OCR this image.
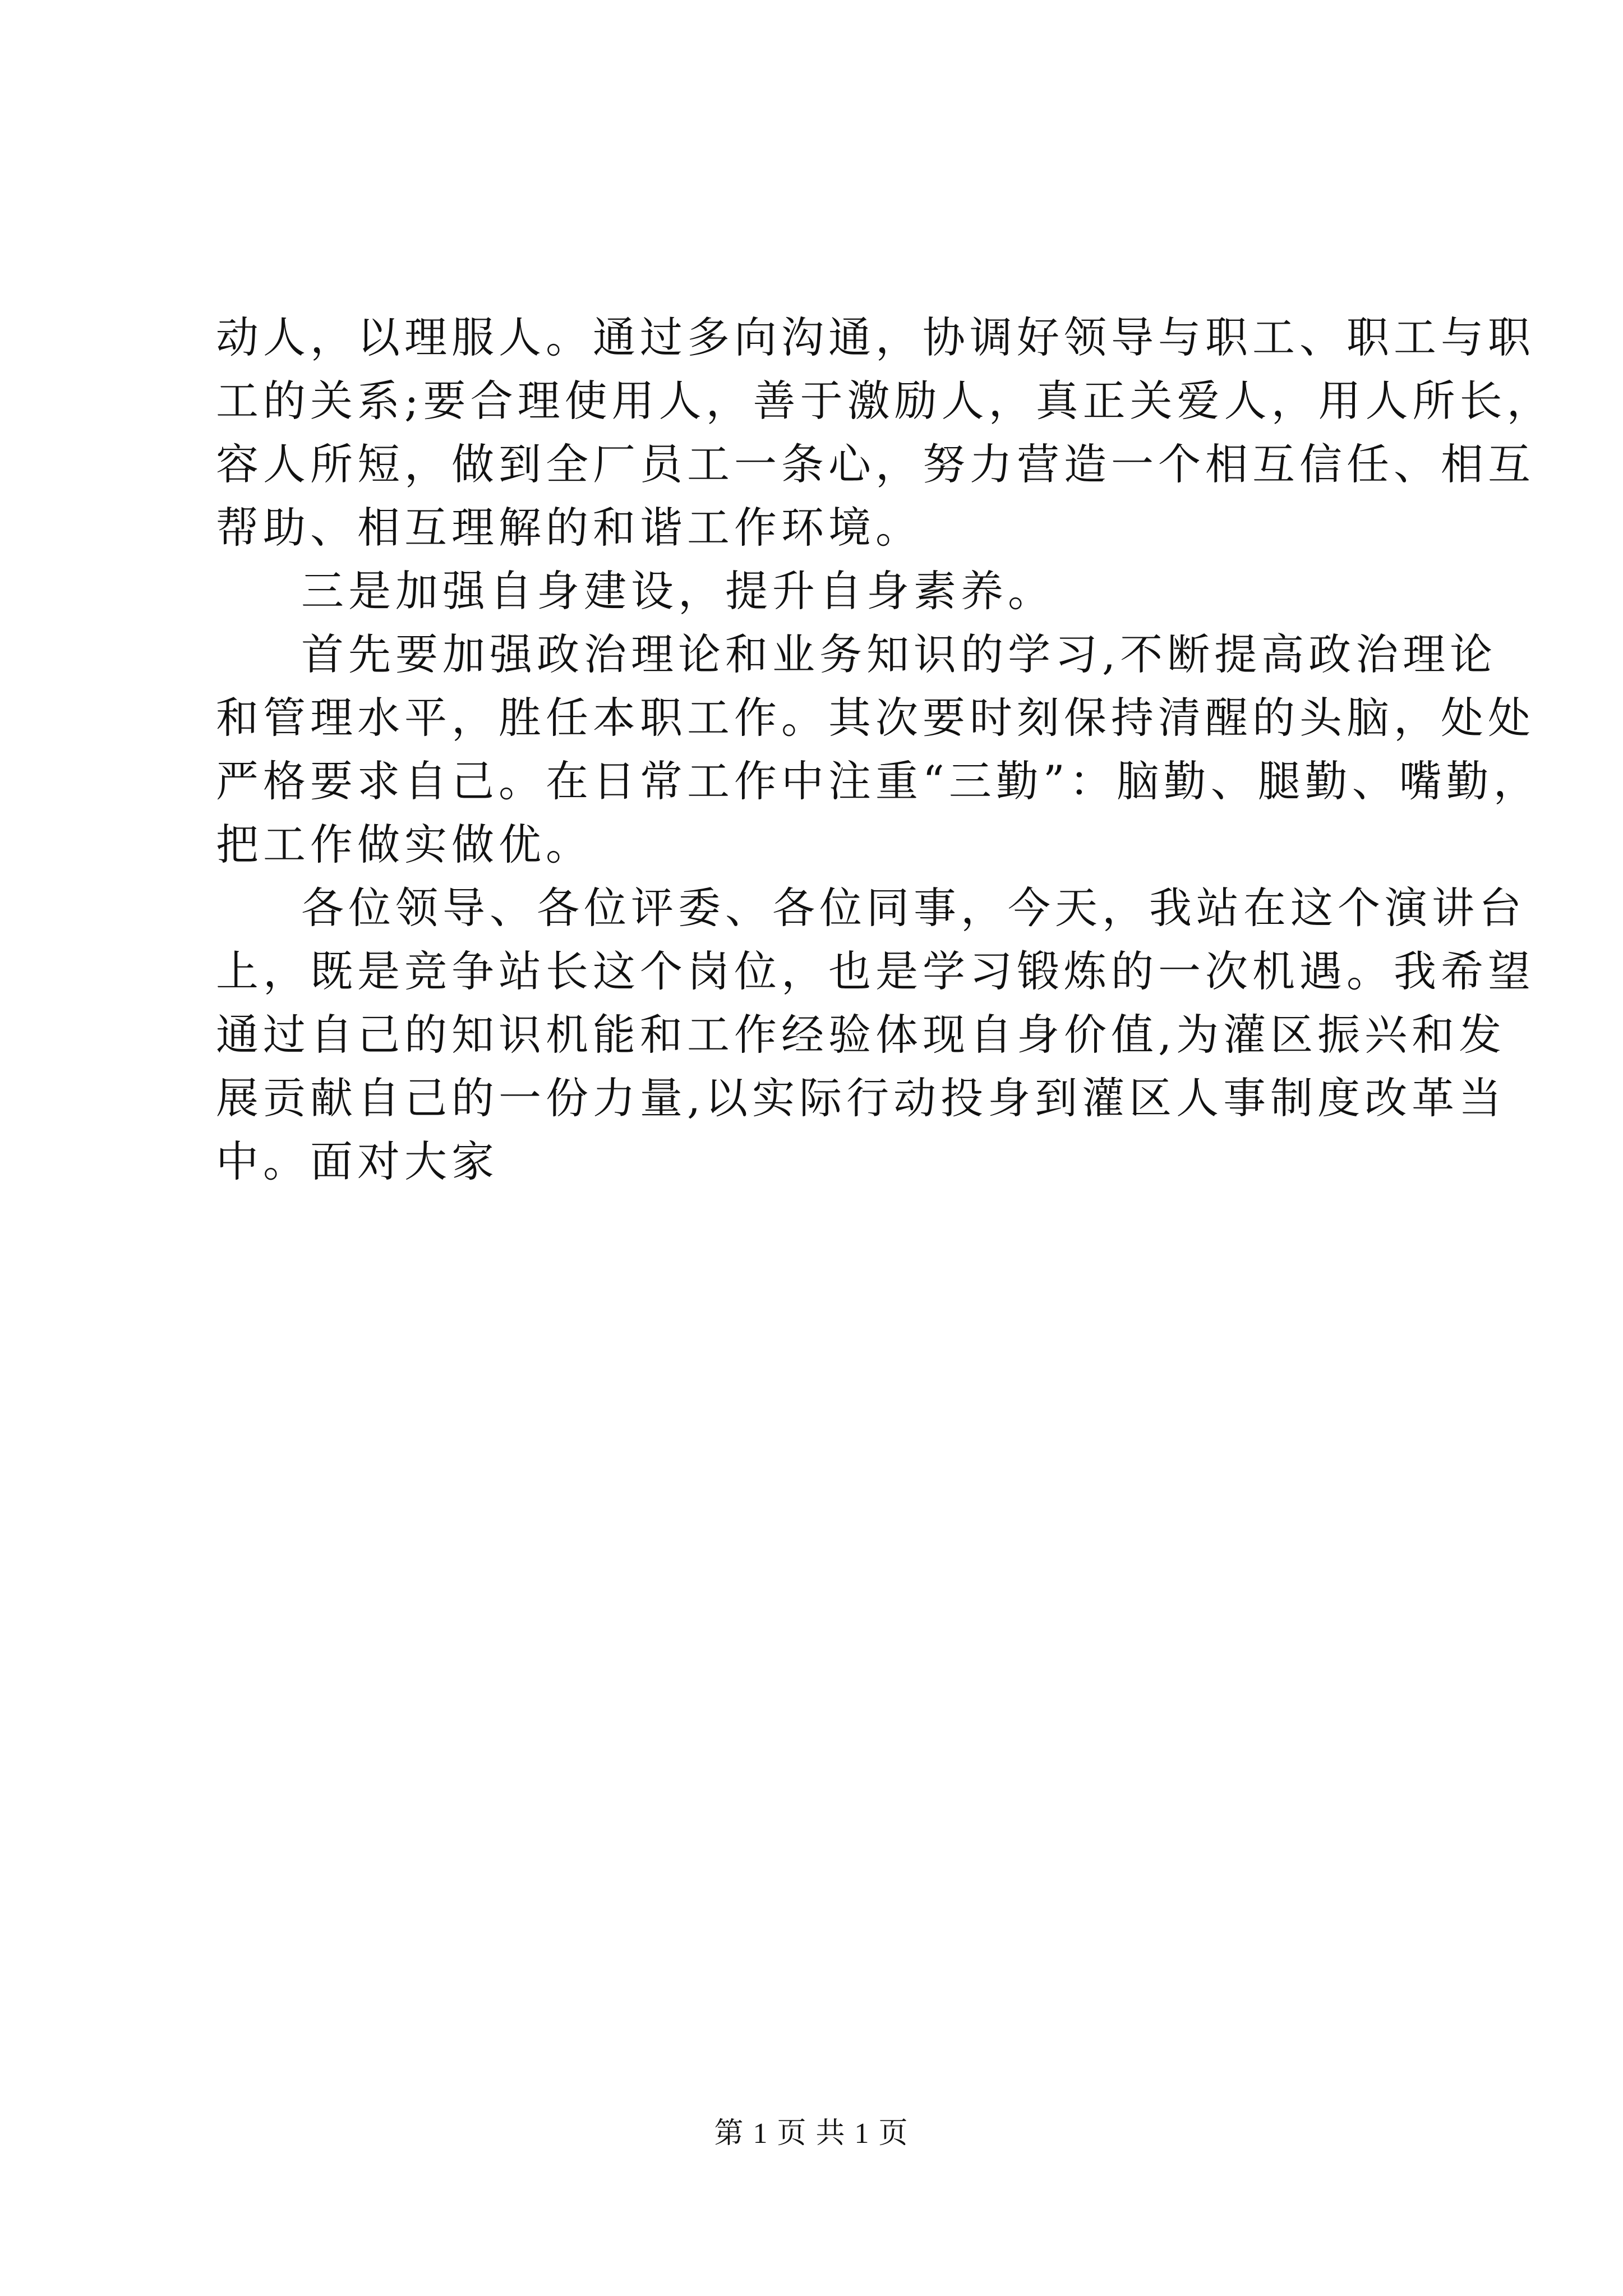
动人，以理服人。通过多向沟通，协调好领导与职工、职工与职
工的关系;要合理使用人，善于激励人，真正关爱人，用人所长，
容人所短，做到全厂员工一条心，努力营造一个相互信任、相互
帮助、相互理解的和谐工作环境。
三是加强自身建设，提升自身素养。
首先要加强政治理论和业务知识的学习,不断提高政治理论
和管理水平，胜任本职工作。其次要时刻保持清醒的头脑，处处
严格要求自己。在日常工作中注重“三勤”：脑勤、腿勤、嘴勤，
把工作做实做优。
各位领导、各位评委、各位同事，今天，我站在这个演讲台
上，既是竞争站长这个岗位，也是学习锻炼的一次机遇。我希望
通过自己的知识机能和工作经验体现自身价值,为灌区振兴和发
展贡献自己的一份力量,以实际行动投身到灌区人事制度改革当
中。面对大家
第 1 页 共 1 页
